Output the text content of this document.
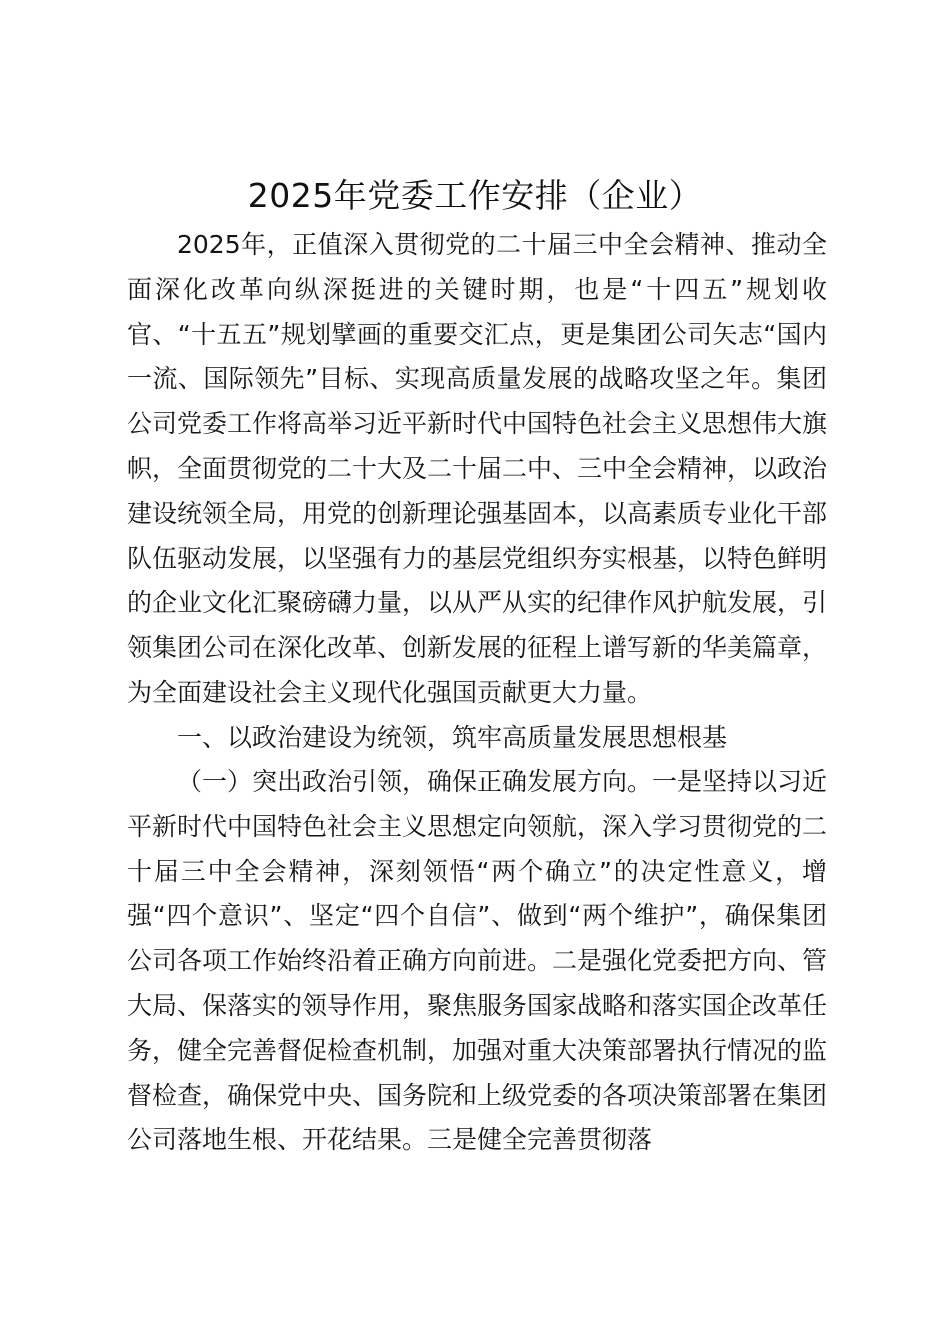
2025年党委工作安排（企业）

2025年，正值深入贯彻党的二十届三中全会精神、推动全面深化改革向纵深挺进的关键时期，也是“十四五”规划收官、“十五五”规划擘画的重要交汇点，更是集团公司矢志“国内一流、国际领先”目标、实现高质量发展的战略攻坚之年。集团公司党委工作将高举习近平新时代中国特色社会主义思想伟大旗帜，全面贯彻党的二十大及二十届二中、三中全会精神，以政治建设统领全局，用党的创新理论强基固本，以高素质专业化干部队伍驱动发展，以坚强有力的基层党组织夯实根基，以特色鲜明的企业文化汇聚磅礴力量，以从严从实的纪律作风护航发展，引领集团公司在深化改革、创新发展的征程上谱写新的华美篇章，为全面建设社会主义现代化强国贡献更大力量。

一、以政治建设为统领，筑牢高质量发展思想根基

（一）突出政治引领，确保正确发展方向。一是坚持以习近平新时代中国特色社会主义思想定向领航，深入学习贯彻党的二十届三中全会精神，深刻领悟“两个确立”的决定性意义，增强“四个意识”、坚定“四个自信”、做到“两个维护”，确保集团公司各项工作始终沿着正确方向前进。二是强化党委把方向、管大局、保落实的领导作用，聚焦服务国家战略和落实国企改革任务，健全完善督促检查机制，加强对重大决策部署执行情况的监督检查，确保党中央、国务院和上级党委的各项决策部署在集团公司落地生根、开花结果。三是健全完善贯彻落
